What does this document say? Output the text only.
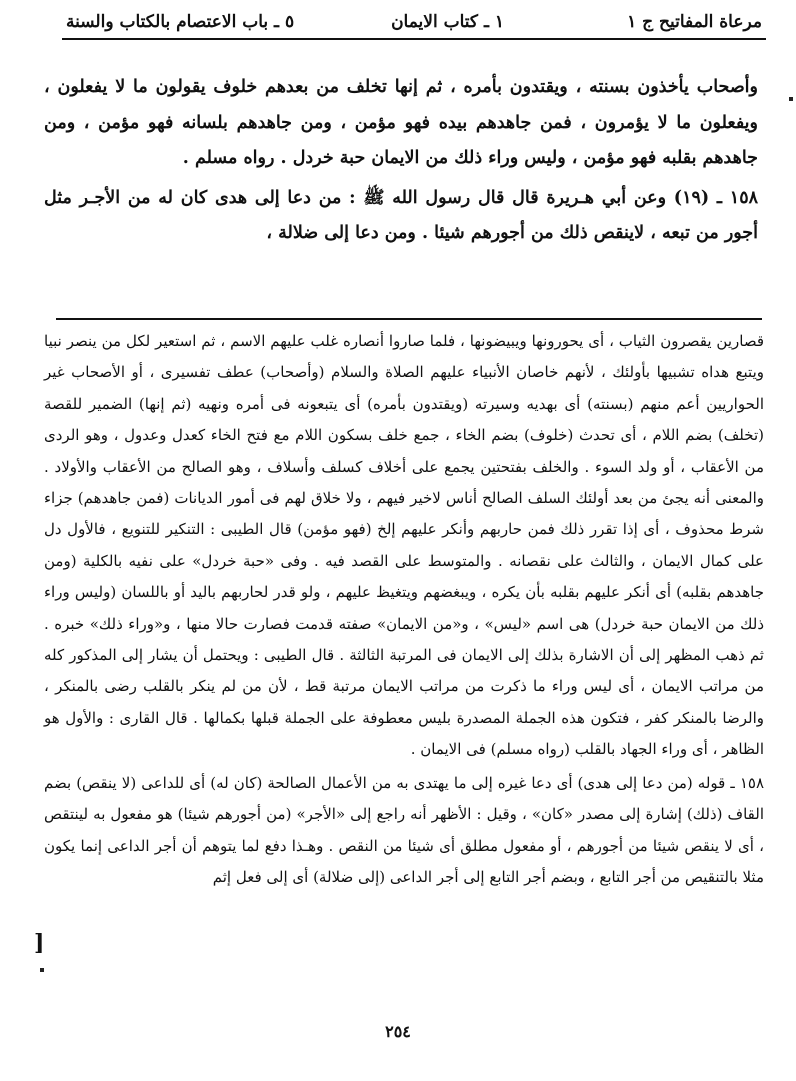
مرعاة المفاتيح ج ١
١ ـ كتاب الايمان
٥ ـ باب الاعتصام بالكتاب والسنة

وأصحاب يأخذون بسنته ، ويقتدون بأمره ، ثم إنها تخلف من بعدهم خلوف يقولون ما لا يفعلون ، ويفعلون ما لا يؤمرون ، فمن جاهدهم بيده فهو مؤمن ، ومن جاهدهم بلسانه فهو مؤمن ، ومن جاهدهم بقلبه فهو مؤمن ، وليس وراء ذلك من الايمان حبة خردل . رواه مسلم .

١٥٨ ـ (١٩) وعن أبي هـريرة قال قال رسول الله ﷺ : من دعا إلى هدى كان له من الأجـر مثل أجور من تبعه ، لاينقص ذلك من أجورهم شيئا . ومن دعا إلى ضلالة ،

قصارين يقصرون الثياب ، أى يحورونها ويبيضونها ، فلما صاروا أنصاره غلب عليهم الاسم ، ثم استعير لكل من ينصر نبيا ويتبع هداه تشبيها بأولئك ، لأنهم خاصان الأنبياء عليهم الصلاة والسلام (وأصحاب) عطف تفسيرى ، أو الأصحاب غير الحواريين أعم منهم (بسنته) أى بهديه وسيرته (ويقتدون بأمره) أى يتبعونه فى أمره ونهيه (ثم إنها) الضمير للقصة (تخلف) بضم اللام ، أى تحدث (خلوف) بضم الخاء ، جمع خلف بسكون اللام مع فتح الخاء كعدل وعدول ، وهو الردى من الأعقاب ، أو ولد السوء . والخلف بفتحتين يجمع على أخلاف كسلف وأسلاف ، وهو الصالح من الأعقاب والأولاد . والمعنى أنه يجئ من بعد أولئك السلف الصالح أناس لاخير فيهم ، ولا خلاق لهم فى أمور الديانات (فمن جاهدهم) جزاء شرط محذوف ، أى إذا تقرر ذلك فمن حاربهم وأنكر عليهم إلخ (فهو مؤمن) قال الطيبى : التنكير للتنويع ، فالأول دل على كمال الايمان ، والثالث على نقصانه . والمتوسط على القصد فيه . وفى «حبة خردل» على نفيه بالكلية (ومن جاهدهم بقلبه) أى أنكر عليهم بقلبه بأن يكره ، ويبغضهم ويتغيظ عليهم ، ولو قدر لحاربهم باليد أو باللسان (وليس وراء ذلك من الايمان حبة خردل) هى اسم «ليس» ، و«من الايمان» صفته قدمت فصارت حالا منها ، و«وراء ذلك» خبره . ثم ذهب المظهر إلى أن الاشارة بذلك إلى الايمان فى المرتبة الثالثة . قال الطيبى : ويحتمل أن يشار إلى المذكور كله من مراتب الايمان ، أى ليس وراء ما ذكرت من مراتب الايمان مرتبة قط ، لأن من لم ينكر بالقلب رضى بالمنكر ، والرضا بالمنكر كفر ، فتكون هذه الجملة المصدرة بليس معطوفة على الجملة قبلها بكمالها . قال القارى : والأول هو الظاهر ، أى وراء الجهاد بالقلب (رواه مسلم) فى الايمان .

١٥٨ ـ قوله (من دعا إلى هدى) أى دعا غيره إلى ما يهتدى به من الأعمال الصالحة (كان له) أى للداعى (لا ينقص) بضم القاف (ذلك) إشارة إلى مصدر «كان» ، وقيل : الأظهر أنه راجع إلى «الأجر» (من أجورهم شيئا) هو مفعول به لينتقص ، أى لا ينقص شيئا من أجورهم ، أو مفعول مطلق أى شيئا من النقص . وهـذا دفع لما يتوهم أن أجر الداعى إنما يكون مثلا بالتنقيص من أجر التابع ، وبضم أجر التابع إلى أجر الداعى (إلى ضلالة) أى إلى فعل إثم

]
٢٥٤
